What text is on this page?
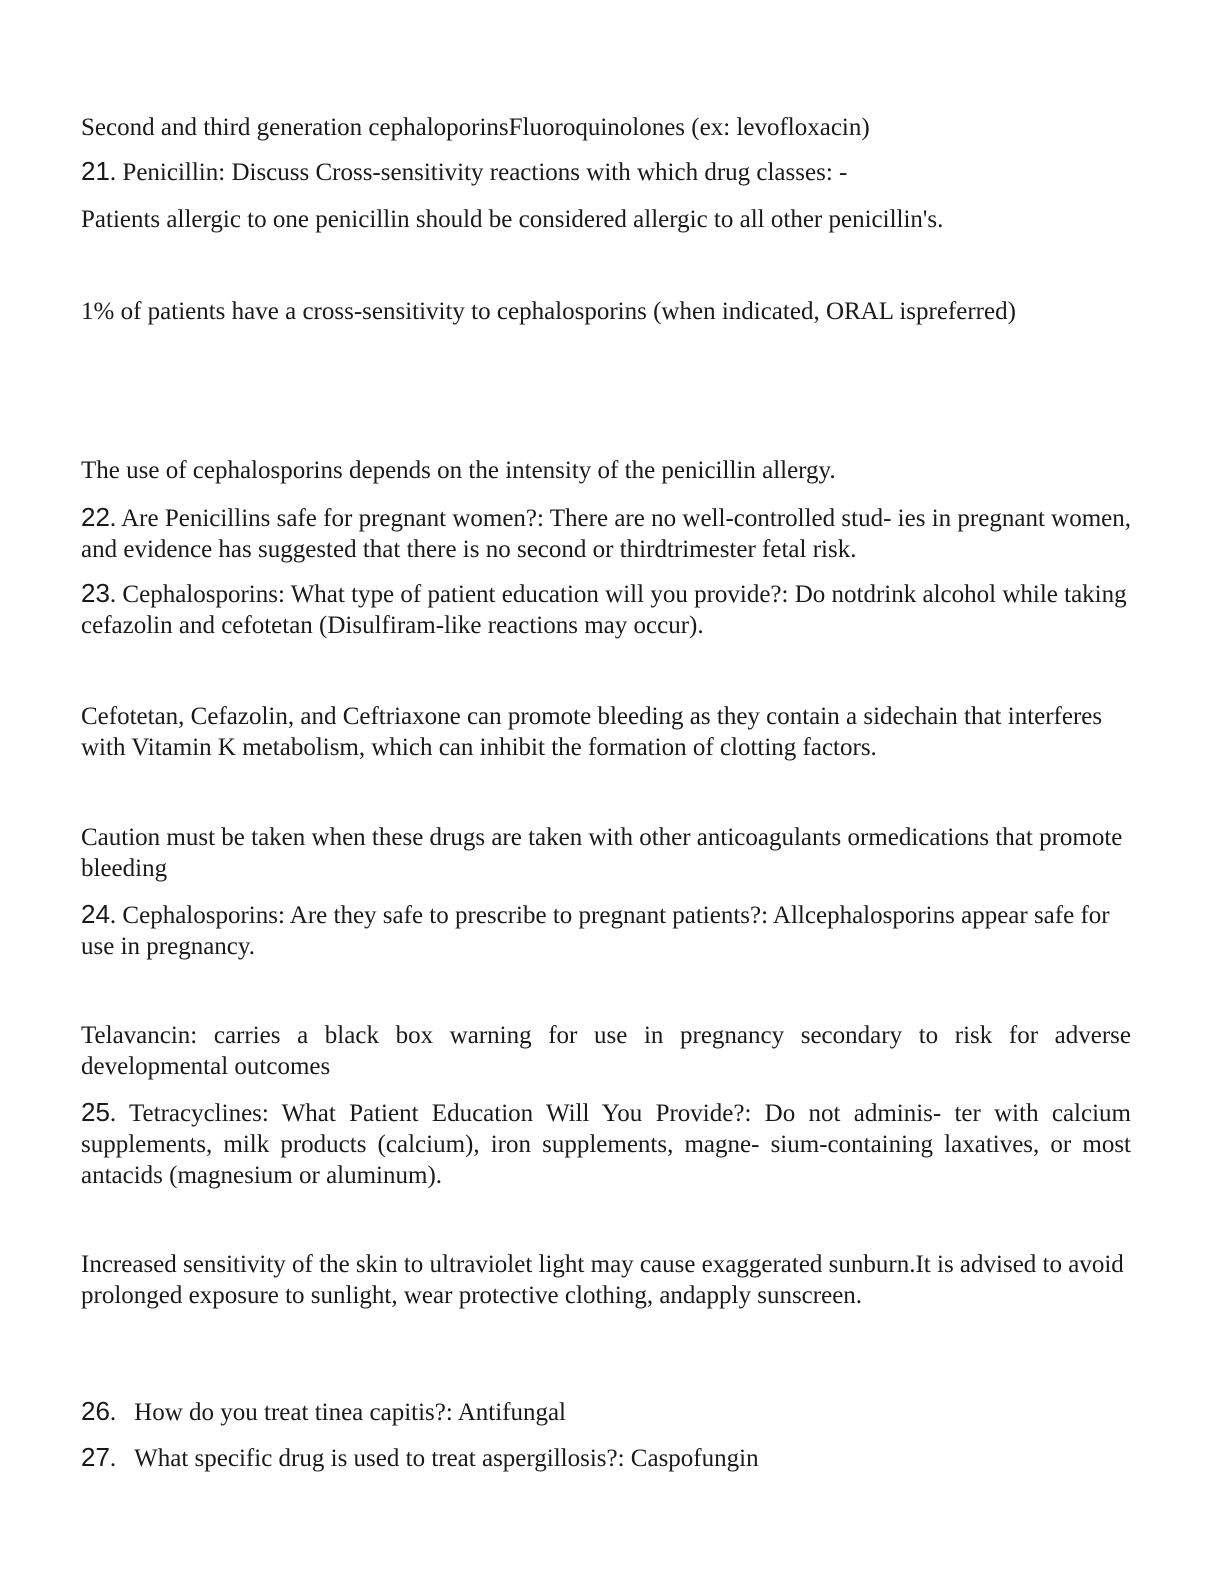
Second and third generation cephaloporinsFluoroquinolones (ex: levofloxacin)

21. Penicillin: Discuss Cross-sensitivity reactions with which drug classes: -

Patients allergic to one penicillin should be considered allergic to all other penicillin's.

1% of patients have a cross-sensitivity to cephalosporins (when indicated, ORAL ispreferred)

The use of cephalosporins depends on the intensity of the penicillin allergy.

22. Are Penicillins safe for pregnant women?: There are no well-controlled stud- ies in pregnant women, and evidence has suggested that there is no second or thirdtrimester fetal risk.

23. Cephalosporins: What type of patient education will you provide?: Do notdrink alcohol while taking cefazolin and cefotetan (Disulfiram-like reactions may occur).

Cefotetan, Cefazolin, and Ceftriaxone can promote bleeding as they contain a sidechain that interferes with Vitamin K metabolism, which can inhibit the formation of clotting factors.

Caution must be taken when these drugs are taken with other anticoagulants ormedications that promote bleeding

24. Cephalosporins: Are they safe to prescribe to pregnant patients?: Allcephalosporins appear safe for use in pregnancy.

Telavancin: carries a black box warning for use in pregnancy secondary to risk for adverse developmental outcomes

25. Tetracyclines: What Patient Education Will You Provide?: Do not adminis- ter with calcium supplements, milk products (calcium), iron supplements, magne- sium-containing laxatives, or most antacids (magnesium or aluminum).

Increased sensitivity of the skin to ultraviolet light may cause exaggerated sunburn.It is advised to avoid prolonged exposure to sunlight, wear protective clothing, andapply sunscreen.

26. How do you treat tinea capitis?: Antifungal

27. What specific drug is used to treat aspergillosis?: Caspofungin
